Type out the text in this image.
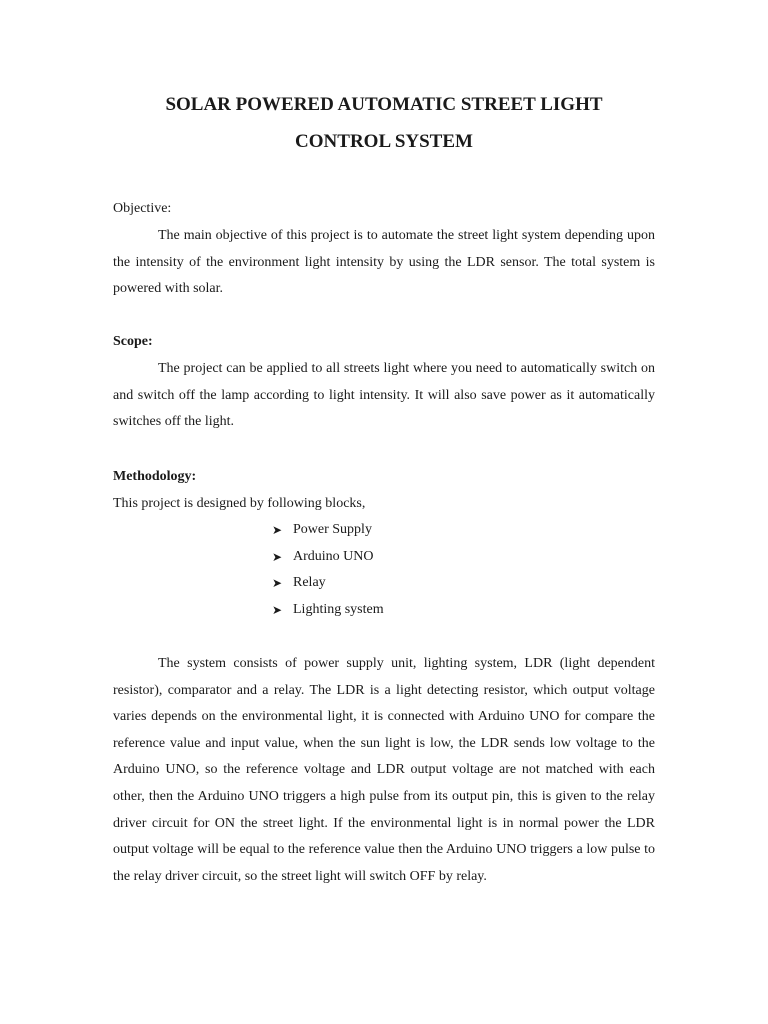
SOLAR POWERED AUTOMATIC STREET LIGHT
CONTROL SYSTEM

Objective:

The main objective of this project is to automate the street light system depending upon the intensity of the environment light intensity by using the LDR sensor. The total system is powered with solar.

Scope:

The project can be applied to all streets light where you need to automatically switch on and switch off the lamp according to light intensity. It will also save power as it automatically switches off the light.

Methodology:

This project is designed by following blocks,

➤ Power Supply
➤ Arduino UNO
➤ Relay
➤ Lighting system

The system consists of power supply unit, lighting system, LDR (light dependent resistor), comparator and a relay. The LDR is a light detecting resistor, which output voltage varies depends on the environmental light, it is connected with Arduino UNO for compare the reference value and input value, when the sun light is low, the LDR sends low voltage to the Arduino UNO, so the reference voltage and LDR output voltage are not matched with each other, then the Arduino UNO triggers a high pulse from its output pin, this is given to the relay driver circuit for ON the street light. If the environmental light is in normal power the LDR output voltage will be equal to the reference value then the Arduino UNO triggers a low pulse to the relay driver circuit, so the street light will switch OFF by relay.
